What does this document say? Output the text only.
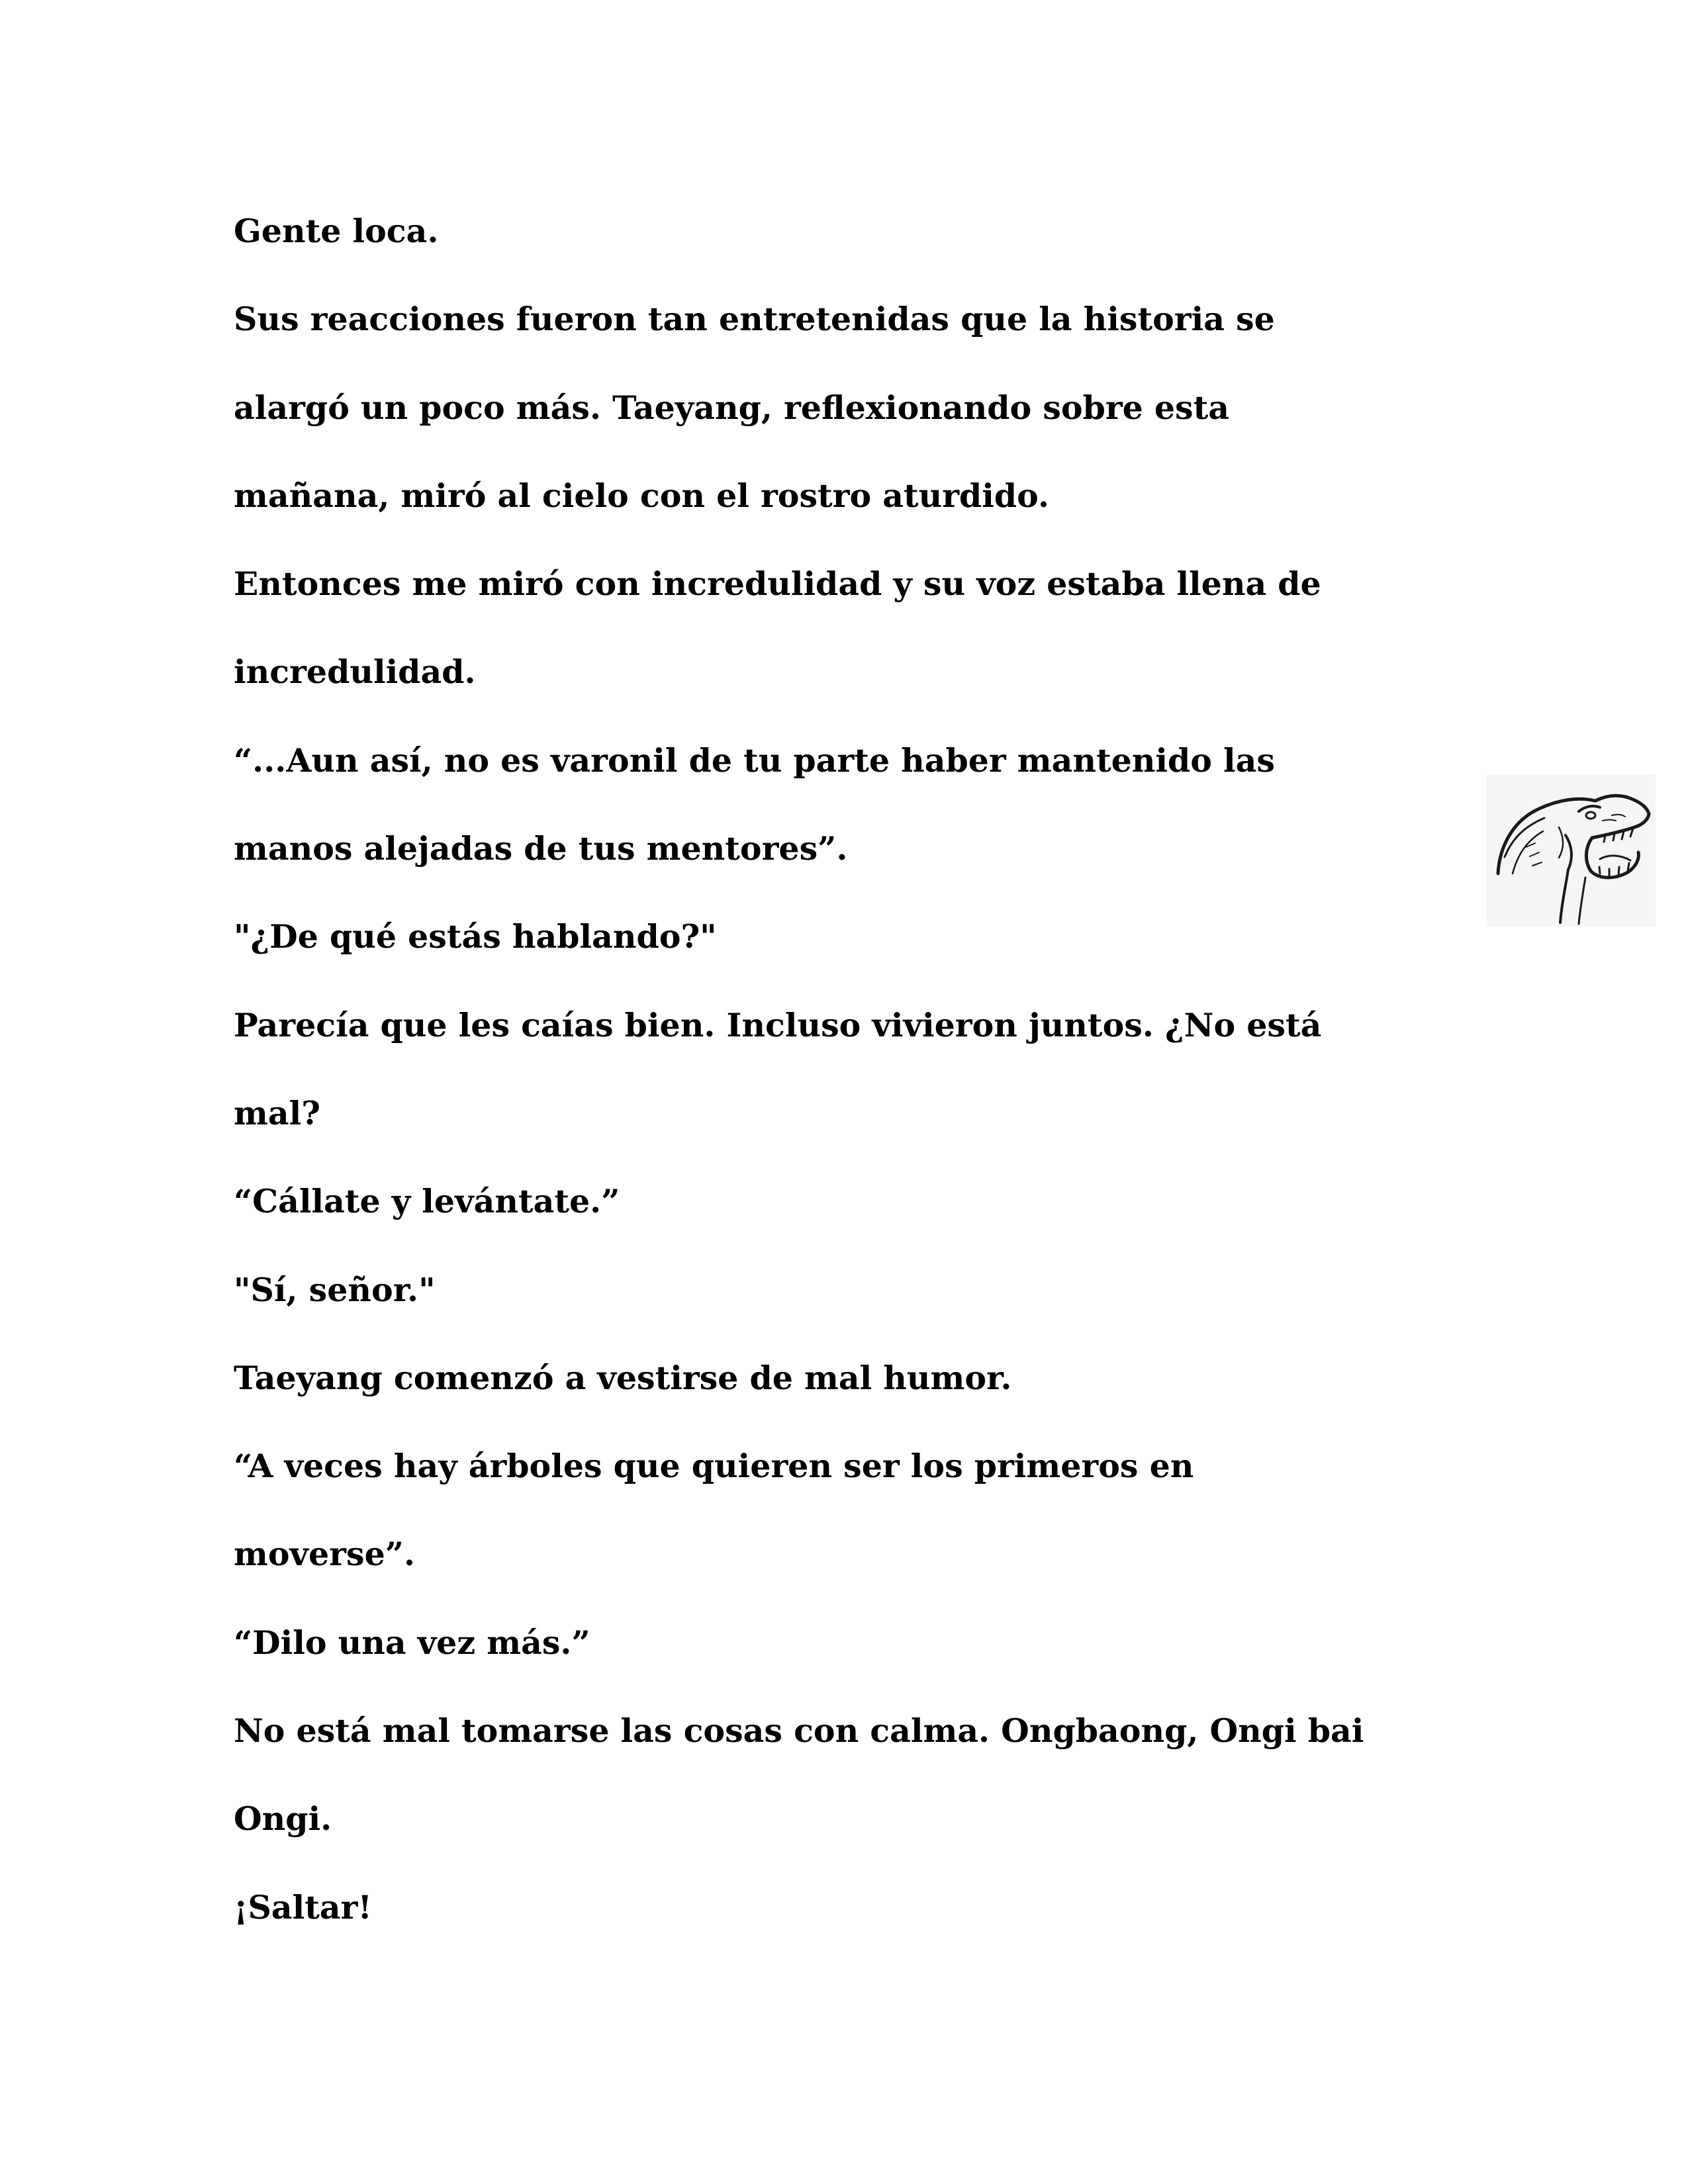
Gente loca.

Sus reacciones fueron tan entretenidas que la historia se
alargó un poco más. Taeyang, reflexionando sobre esta
mañana, miró al cielo con el rostro aturdido.

Entonces me miró con incredulidad y su voz estaba llena de
incredulidad.

“...Aun así, no es varonil de tu parte haber mantenido las
manos alejadas de tus mentores”.

"¿De qué estás hablando?"

Parecía que les caías bien. Incluso vivieron juntos. ¿No está
mal?

“Cállate y levántate.”

"Sí, señor."

Taeyang comenzó a vestirse de mal humor.

“A veces hay árboles que quieren ser los primeros en
moverse”.

“Dilo una vez más.”

No está mal tomarse las cosas con calma. Ongbaong, Ongi bai
Ongi.

¡Saltar!
